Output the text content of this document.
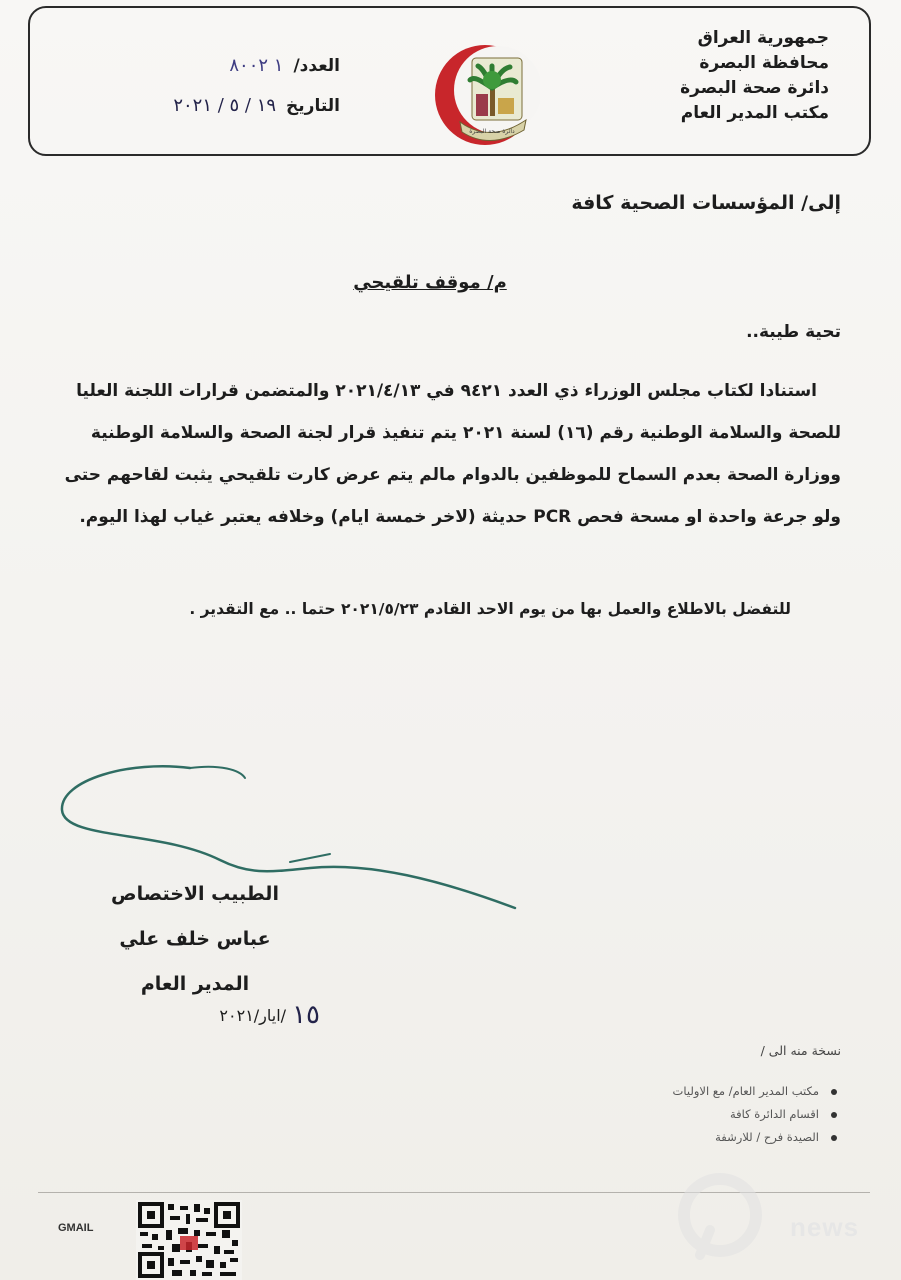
جمهورية العراق
محافظة البصرة
دائرة صحة البصرة
مكتب المدير العام
دائرة صحة البصرة
العدد/
١ ٨٠٠٢
التاريخ
١٩ / ٥ / ٢٠٢١
إلى/ المؤسسات الصحية كافة
م/ موقف تلقيحي
تحية طيبة..
استنادا لكتاب مجلس الوزراء ذي العدد ٩٤٢١ في ٢٠٢١/٤/١٣ والمتضمن قرارات اللجنة العليا للصحة والسلامة الوطنية رقم (١٦) لسنة ٢٠٢١ يتم تنفيذ قرار لجنة الصحة والسلامة الوطنية ووزارة الصحة بعدم السماح للموظفين بالدوام مالم يتم عرض كارت تلقيحي يثبت لقاحهم حتى ولو جرعة واحدة او مسحة فحص PCR حديثة (لاخر خمسة ايام) وخلافه يعتبر غياب لهذا اليوم.
للتفضل بالاطلاع والعمل بها من يوم الاحد القادم ٢٠٢١/٥/٢٣ حتما .. مع التقدير .
الطبيب الاختصاص
عباس خلف علي
المدير العام
١٥
/ايار/٢٠٢١
نسخة منه الى /
مكتب المدير العام/ مع الاوليات
اقسام الدائرة كافة
الصيدة فرح / للارشفة
GMAIL	news
